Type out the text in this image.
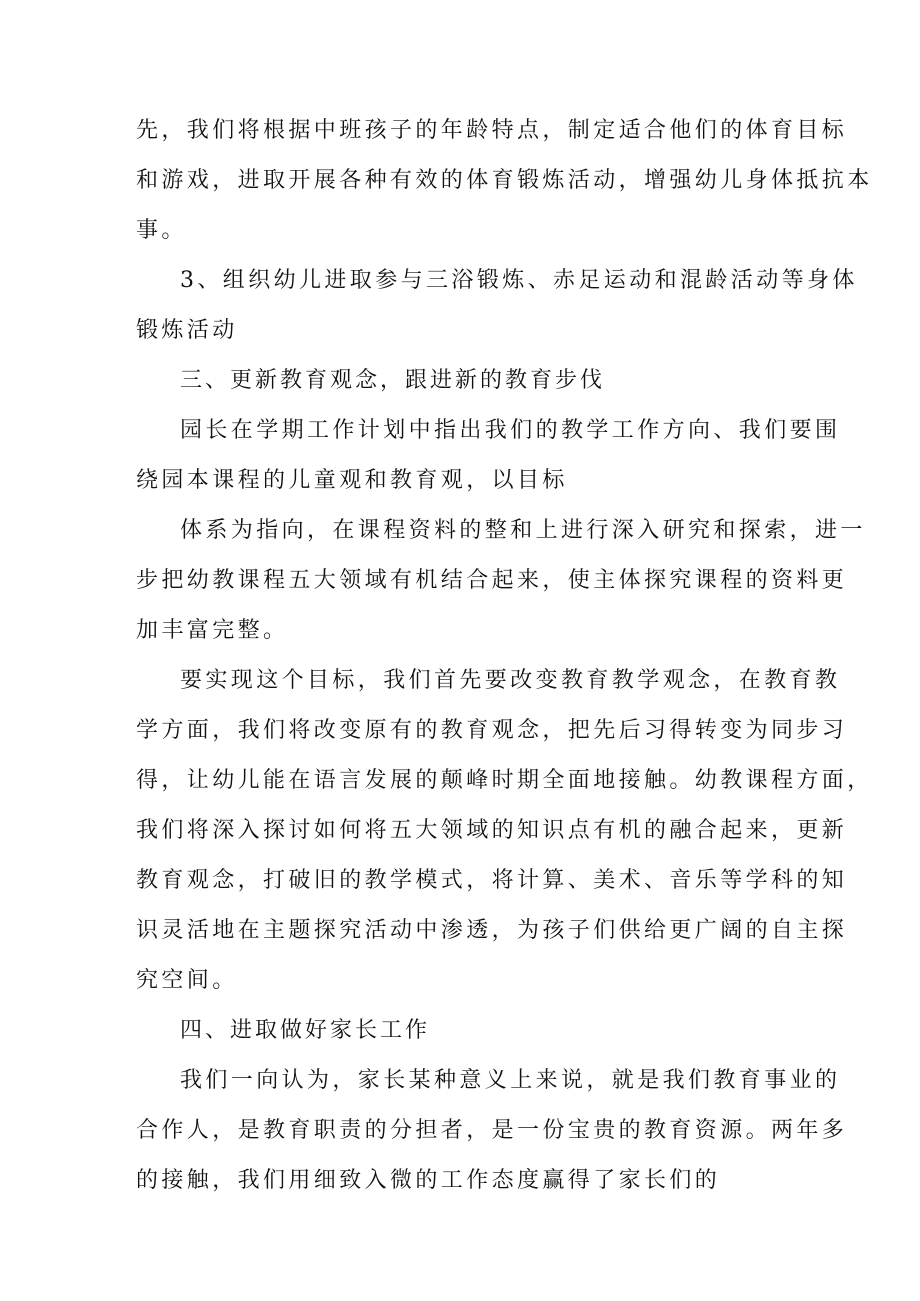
先，我们将根据中班孩子的年龄特点，制定适合他们的体育目标
和游戏，进取开展各种有效的体育锻炼活动，增强幼儿身体抵抗本
事。
3、组织幼儿进取参与三浴锻炼、赤足运动和混龄活动等身体
锻炼活动
三、更新教育观念，跟进新的教育步伐
园长在学期工作计划中指出我们的教学工作方向、我们要围
绕园本课程的儿童观和教育观，以目标
体系为指向，在课程资料的整和上进行深入研究和探索，进一
步把幼教课程五大领域有机结合起来，使主体探究课程的资料更
加丰富完整。
要实现这个目标，我们首先要改变教育教学观念，在教育教
学方面，我们将改变原有的教育观念，把先后习得转变为同步习
得，让幼儿能在语言发展的颠峰时期全面地接触。幼教课程方面，
我们将深入探讨如何将五大领域的知识点有机的融合起来，更新
教育观念，打破旧的教学模式，将计算、美术、音乐等学科的知
识灵活地在主题探究活动中渗透，为孩子们供给更广阔的自主探
究空间。
四、进取做好家长工作
我们一向认为，家长某种意义上来说，就是我们教育事业的
合作人，是教育职责的分担者，是一份宝贵的教育资源。两年多
的接触，我们用细致入微的工作态度赢得了家长们的
